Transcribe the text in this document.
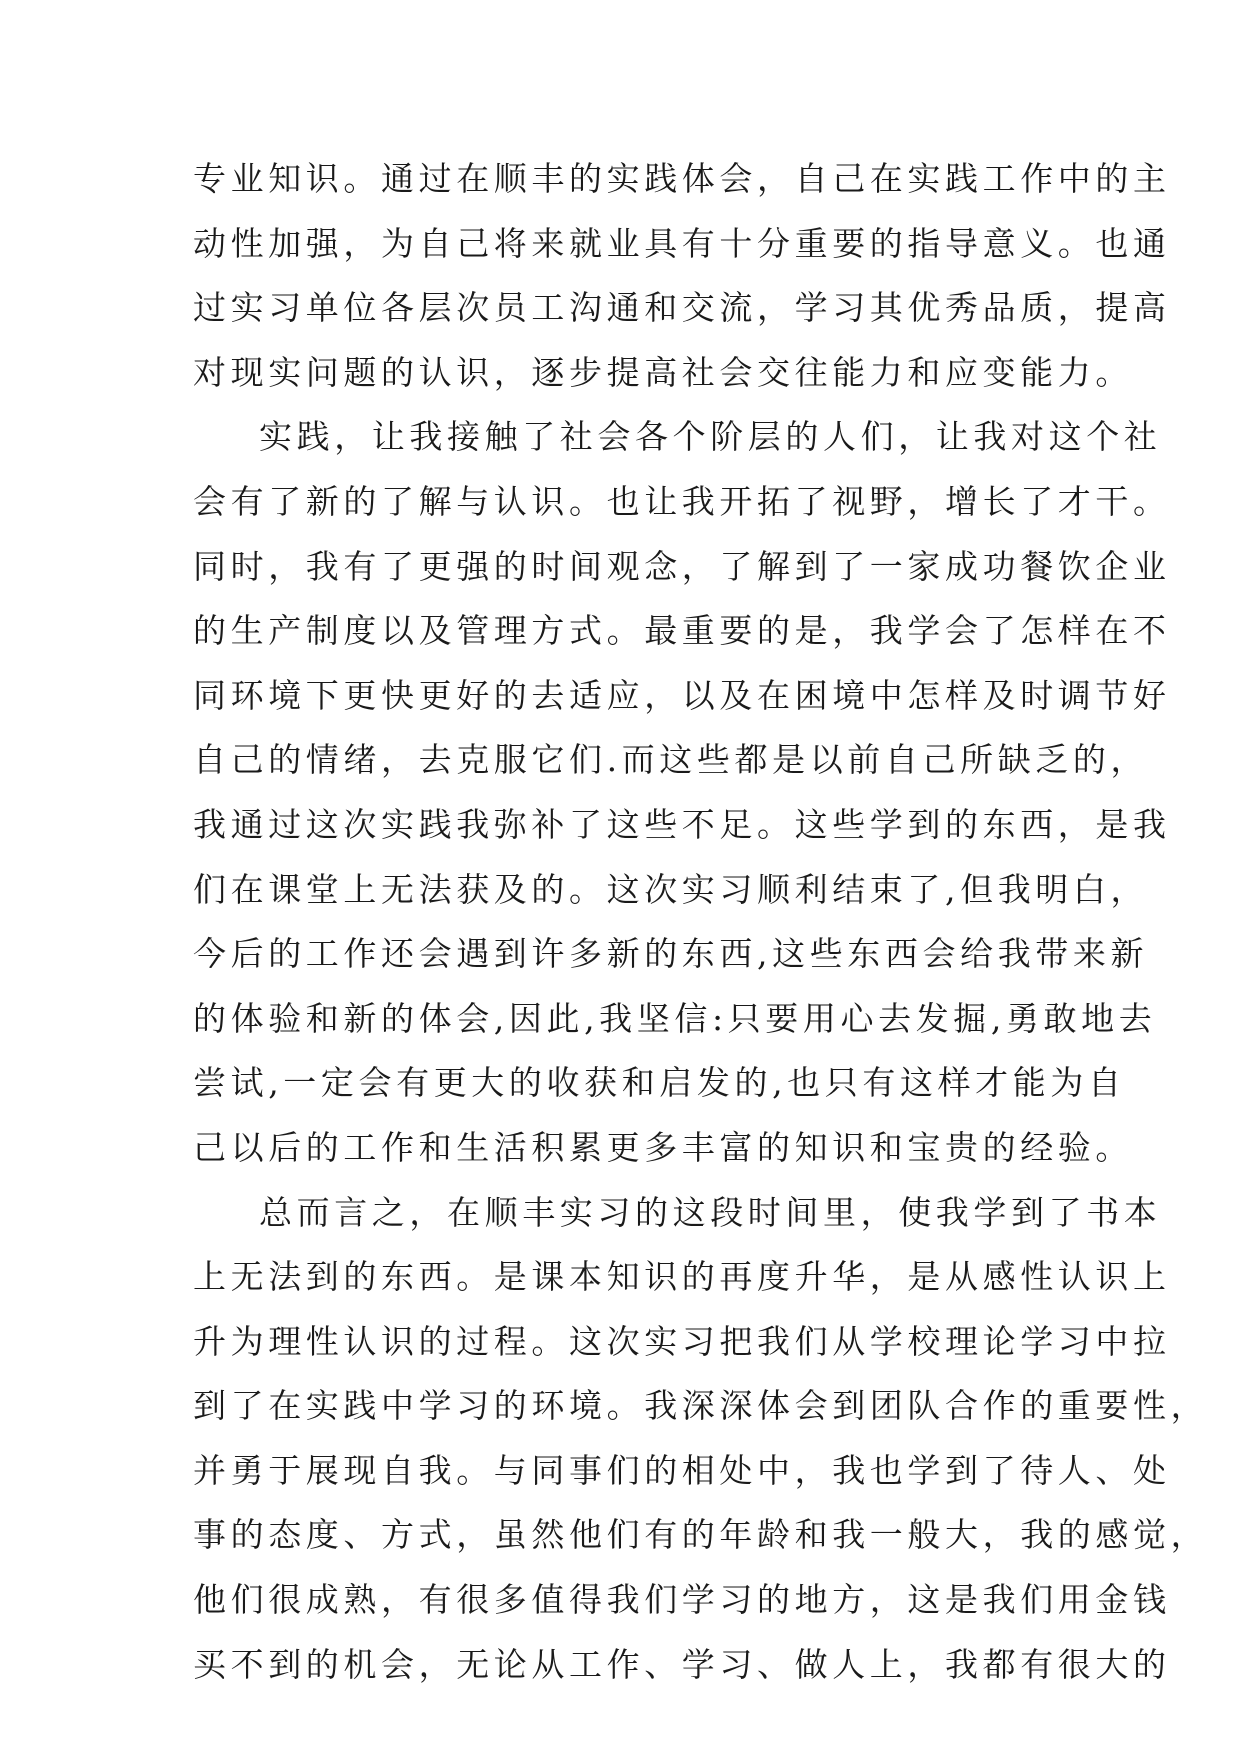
专业知识。通过在顺丰的实践体会，自己在实践工作中的主
动性加强，为自己将来就业具有十分重要的指导意义。也通
过实习单位各层次员工沟通和交流，学习其优秀品质，提高
对现实问题的认识，逐步提高社会交往能力和应变能力。
实践，让我接触了社会各个阶层的人们，让我对这个社
会有了新的了解与认识。也让我开拓了视野，增长了才干。
同时，我有了更强的时间观念，了解到了一家成功餐饮企业
的生产制度以及管理方式。最重要的是，我学会了怎样在不
同环境下更快更好的去适应，以及在困境中怎样及时调节好
自己的情绪，去克服它们.而这些都是以前自己所缺乏的，
我通过这次实践我弥补了这些不足。这些学到的东西，是我
们在课堂上无法获及的。这次实习顺利结束了,但我明白，
今后的工作还会遇到许多新的东西,这些东西会给我带来新
的体验和新的体会,因此,我坚信:只要用心去发掘,勇敢地去
尝试,一定会有更大的收获和启发的,也只有这样才能为自
己以后的工作和生活积累更多丰富的知识和宝贵的经验。
总而言之，在顺丰实习的这段时间里，使我学到了书本
上无法到的东西。是课本知识的再度升华，是从感性认识上
升为理性认识的过程。这次实习把我们从学校理论学习中拉
到了在实践中学习的环境。我深深体会到团队合作的重要性，
并勇于展现自我。与同事们的相处中，我也学到了待人、处
事的态度、方式，虽然他们有的年龄和我一般大，我的感觉，
他们很成熟，有很多值得我们学习的地方，这是我们用金钱
买不到的机会，无论从工作、学习、做人上，我都有很大的
